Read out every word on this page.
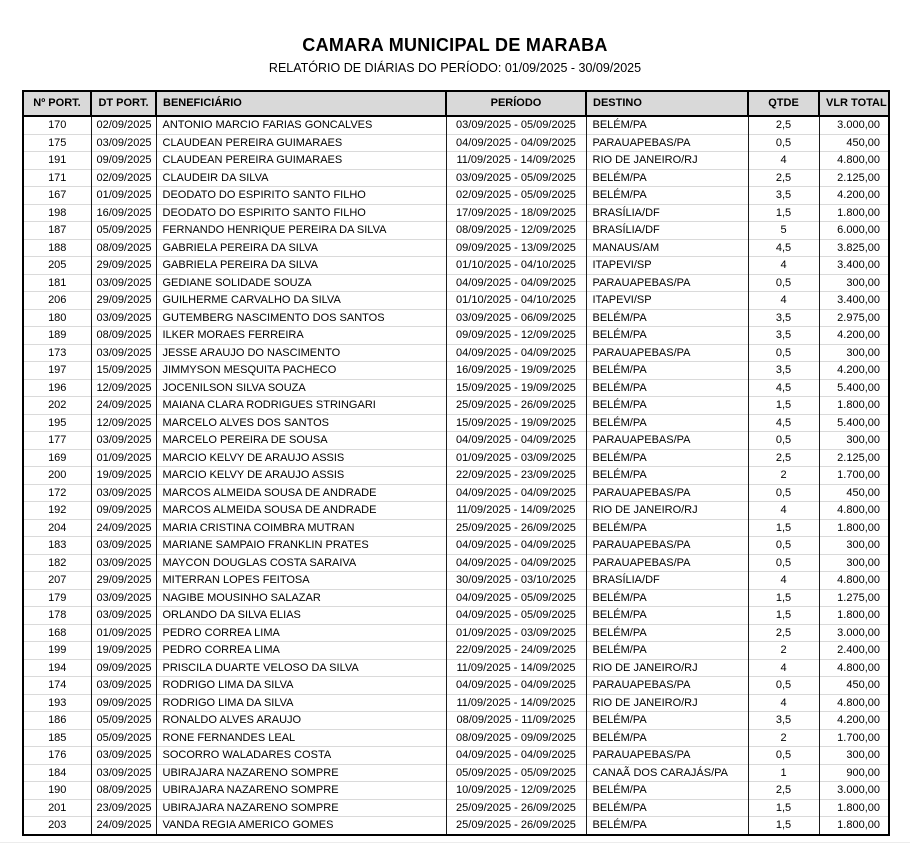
CAMARA MUNICIPAL DE MARABA
RELATÓRIO DE DIÁRIAS DO PERÍODO: 01/09/2025 - 30/09/2025
Nº PORT.	DT PORT.	BENEFICIÁRIO	PERÍODO	DESTINO	QTDE	VLR TOTAL
170	02/09/2025	ANTONIO MARCIO FARIAS GONCALVES	03/09/2025 - 05/09/2025	BELÉM/PA	2,5	3.000,00
175	03/09/2025	CLAUDEAN PEREIRA GUIMARAES	04/09/2025 - 04/09/2025	PARAUAPEBAS/PA	0,5	450,00
191	09/09/2025	CLAUDEAN PEREIRA GUIMARAES	11/09/2025 - 14/09/2025	RIO DE JANEIRO/RJ	4	4.800,00
171	02/09/2025	CLAUDEIR DA SILVA	03/09/2025 - 05/09/2025	BELÉM/PA	2,5	2.125,00
167	01/09/2025	DEODATO DO ESPIRITO SANTO FILHO	02/09/2025 - 05/09/2025	BELÉM/PA	3,5	4.200,00
198	16/09/2025	DEODATO DO ESPIRITO SANTO FILHO	17/09/2025 - 18/09/2025	BRASÍLIA/DF	1,5	1.800,00
187	05/09/2025	FERNANDO HENRIQUE PEREIRA DA SILVA	08/09/2025 - 12/09/2025	BRASÍLIA/DF	5	6.000,00
188	08/09/2025	GABRIELA PEREIRA DA SILVA	09/09/2025 - 13/09/2025	MANAUS/AM	4,5	3.825,00
205	29/09/2025	GABRIELA PEREIRA DA SILVA	01/10/2025 - 04/10/2025	ITAPEVI/SP	4	3.400,00
181	03/09/2025	GEDIANE SOLIDADE SOUZA	04/09/2025 - 04/09/2025	PARAUAPEBAS/PA	0,5	300,00
206	29/09/2025	GUILHERME CARVALHO DA SILVA	01/10/2025 - 04/10/2025	ITAPEVI/SP	4	3.400,00
180	03/09/2025	GUTEMBERG NASCIMENTO DOS SANTOS	03/09/2025 - 06/09/2025	BELÉM/PA	3,5	2.975,00
189	08/09/2025	ILKER MORAES FERREIRA	09/09/2025 - 12/09/2025	BELÉM/PA	3,5	4.200,00
173	03/09/2025	JESSE ARAUJO DO NASCIMENTO	04/09/2025 - 04/09/2025	PARAUAPEBAS/PA	0,5	300,00
197	15/09/2025	JIMMYSON MESQUITA PACHECO	16/09/2025 - 19/09/2025	BELÉM/PA	3,5	4.200,00
196	12/09/2025	JOCENILSON SILVA SOUZA	15/09/2025 - 19/09/2025	BELÉM/PA	4,5	5.400,00
202	24/09/2025	MAIANA CLARA RODRIGUES STRINGARI	25/09/2025 - 26/09/2025	BELÉM/PA	1,5	1.800,00
195	12/09/2025	MARCELO ALVES DOS SANTOS	15/09/2025 - 19/09/2025	BELÉM/PA	4,5	5.400,00
177	03/09/2025	MARCELO PEREIRA DE SOUSA	04/09/2025 - 04/09/2025	PARAUAPEBAS/PA	0,5	300,00
169	01/09/2025	MARCIO KELVY DE ARAUJO ASSIS	01/09/2025 - 03/09/2025	BELÉM/PA	2,5	2.125,00
200	19/09/2025	MARCIO KELVY DE ARAUJO ASSIS	22/09/2025 - 23/09/2025	BELÉM/PA	2	1.700,00
172	03/09/2025	MARCOS ALMEIDA SOUSA DE ANDRADE	04/09/2025 - 04/09/2025	PARAUAPEBAS/PA	0,5	450,00
192	09/09/2025	MARCOS ALMEIDA SOUSA DE ANDRADE	11/09/2025 - 14/09/2025	RIO DE JANEIRO/RJ	4	4.800,00
204	24/09/2025	MARIA CRISTINA COIMBRA MUTRAN	25/09/2025 - 26/09/2025	BELÉM/PA	1,5	1.800,00
183	03/09/2025	MARIANE SAMPAIO FRANKLIN PRATES	04/09/2025 - 04/09/2025	PARAUAPEBAS/PA	0,5	300,00
182	03/09/2025	MAYCON DOUGLAS COSTA SARAIVA	04/09/2025 - 04/09/2025	PARAUAPEBAS/PA	0,5	300,00
207	29/09/2025	MITERRAN LOPES FEITOSA	30/09/2025 - 03/10/2025	BRASÍLIA/DF	4	4.800,00
179	03/09/2025	NAGIBE MOUSINHO SALAZAR	04/09/2025 - 05/09/2025	BELÉM/PA	1,5	1.275,00
178	03/09/2025	ORLANDO DA SILVA ELIAS	04/09/2025 - 05/09/2025	BELÉM/PA	1,5	1.800,00
168	01/09/2025	PEDRO CORREA LIMA	01/09/2025 - 03/09/2025	BELÉM/PA	2,5	3.000,00
199	19/09/2025	PEDRO CORREA LIMA	22/09/2025 - 24/09/2025	BELÉM/PA	2	2.400,00
194	09/09/2025	PRISCILA DUARTE VELOSO DA SILVA	11/09/2025 - 14/09/2025	RIO DE JANEIRO/RJ	4	4.800,00
174	03/09/2025	RODRIGO LIMA DA SILVA	04/09/2025 - 04/09/2025	PARAUAPEBAS/PA	0,5	450,00
193	09/09/2025	RODRIGO LIMA DA SILVA	11/09/2025 - 14/09/2025	RIO DE JANEIRO/RJ	4	4.800,00
186	05/09/2025	RONALDO ALVES ARAUJO	08/09/2025 - 11/09/2025	BELÉM/PA	3,5	4.200,00
185	05/09/2025	RONE FERNANDES LEAL	08/09/2025 - 09/09/2025	BELÉM/PA	2	1.700,00
176	03/09/2025	SOCORRO WALADARES COSTA	04/09/2025 - 04/09/2025	PARAUAPEBAS/PA	0,5	300,00
184	03/09/2025	UBIRAJARA NAZARENO SOMPRE	05/09/2025 - 05/09/2025	CANAÃ DOS CARAJÁS/PA	1	900,00
190	08/09/2025	UBIRAJARA NAZARENO SOMPRE	10/09/2025 - 12/09/2025	BELÉM/PA	2,5	3.000,00
201	23/09/2025	UBIRAJARA NAZARENO SOMPRE	25/09/2025 - 26/09/2025	BELÉM/PA	1,5	1.800,00
203	24/09/2025	VANDA REGIA AMERICO GOMES	25/09/2025 - 26/09/2025	BELÉM/PA	1,5	1.800,00
